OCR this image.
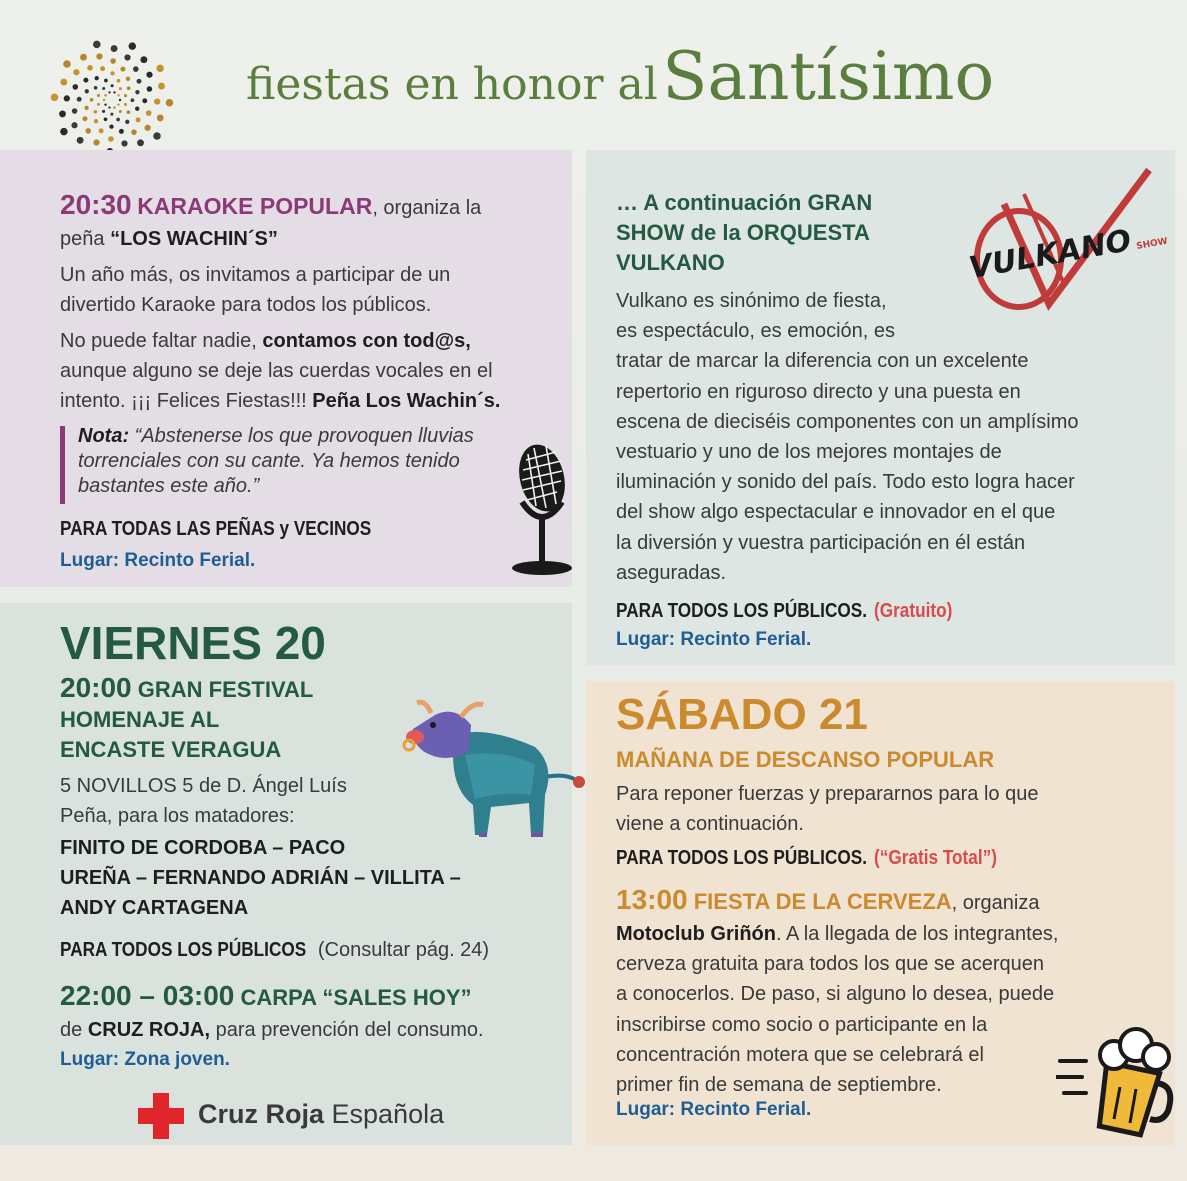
fiestas en honor al Santísimo
20:30 KARAOKE POPULAR, organiza la
peña “LOS WACHIN´S”
Un año más, os invitamos a participar de un
divertido Karaoke para todos los públicos.
No puede faltar nadie, contamos con tod@s,
aunque alguno se deje las cuerdas vocales en el
intento. ¡¡¡ Felices Fiestas!!! Peña Los Wachin´s.
Nota: “Abstenerse los que provoquen lluvias
torrenciales con su cante. Ya hemos tenido
bastantes este año.”
PARA TODAS LAS PEÑAS y VECINOS
Lugar: Recinto Ferial.
… A continuación GRAN
SHOW de la ORQUESTA
VULKANO	VULKANO SHOW
Vulkano es sinónimo de fiesta,
es espectáculo, es emoción, es
tratar de marcar la diferencia con un excelente
repertorio en riguroso directo y una puesta en
escena de dieciséis componentes con un amplísimo
vestuario y uno de los mejores montajes de
iluminación y sonido del país. Todo esto logra hacer
del show algo espectacular e innovador en el que
la diversión y vuestra participación en él están
aseguradas.
PARA TODOS LOS PÚBLICOS.(Gratuito)
Lugar: Recinto Ferial.
VIERNES 20
20:00 GRAN FESTIVAL
HOMENAJE AL
ENCASTE VERAGUA
5 NOVILLOS 5 de D. Ángel Luís
Peña, para los matadores:
FINITO DE CORDOBA – PACO
UREÑA – FERNANDO ADRIÁN – VILLITA –
ANDY CARTAGENA
PARA TODOS LOS PÚBLICOS (Consultar pág. 24)
22:00 – 03:00 CARPA “SALES HOY”
de CRUZ ROJA, para prevención del consumo.
Lugar: Zona joven.
Cruz Roja Española
SÁBADO 21
MAÑANA DE DESCANSO POPULAR
Para reponer fuerzas y prepararnos para lo que
viene a continuación.
PARA TODOS LOS PÚBLICOS.(“Gratis Total”)
13:00 FIESTA DE LA CERVEZA, organiza
Motoclub Griñón. A la llegada de los integrantes,
cerveza gratuita para todos los que se acerquen
a conocerlos. De paso, si alguno lo desea, puede
inscribirse como socio o participante en la
concentración motera que se celebrará el
primer fin de semana de septiembre.
Lugar: Recinto Ferial.
